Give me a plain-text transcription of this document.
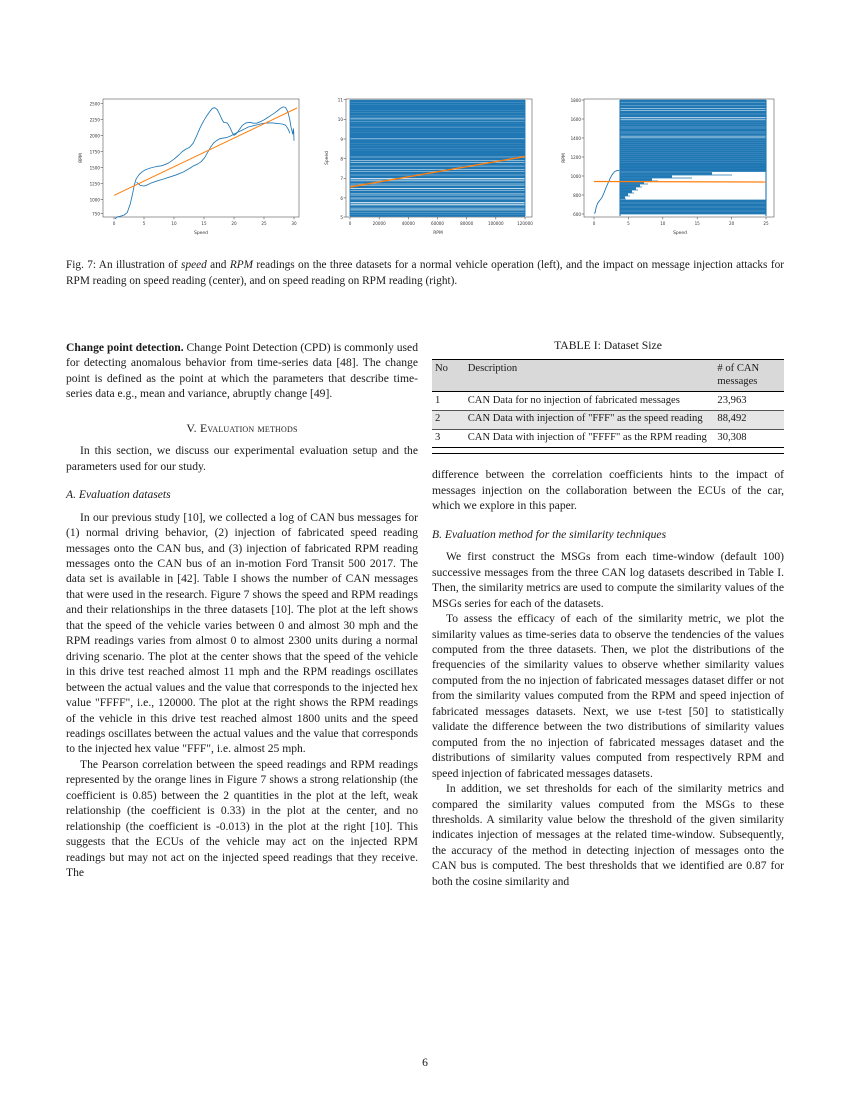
2500
2250
2000
1750
1500
1250
1000
750
0	5	10	15	20	25	30
Speed
RPM
11
10
9
8
7
6
5
0	20000	40000	60000	80000	100000	120000
RPM
Speed
1800
1600
1400
1200
1000
800
600
0	5	10	15	20	25
Speed
RPM
Fig. 7: An illustration of speed and RPM readings on the three datasets for a normal vehicle operation (left), and the impact on message injection attacks for RPM reading on speed reading (center), and on speed reading on RPM reading (right).

Change point detection. Change Point Detection (CPD) is commonly used for detecting anomalous behavior from time-series data [48]. The change point is defined as the point at which the parameters that describe time-series data e.g., mean and variance, abruptly change [49].

V. Evaluation methods

In this section, we discuss our experimental evaluation setup and the parameters used for our study.

A. Evaluation datasets

In our previous study [10], we collected a log of CAN bus messages for (1) normal driving behavior, (2) injection of fabricated speed reading messages onto the CAN bus, and (3) injection of fabricated RPM reading messages onto the CAN bus of an in-motion Ford Transit 500 2017. The data set is available in [42]. Table I shows the number of CAN messages that were used in the research. Figure 7 shows the speed and RPM readings and their relationships in the three datasets [10]. The plot at the left shows that the speed of the vehicle varies between 0 and almost 30 mph and the RPM readings varies from almost 0 to almost 2300 units during a normal driving scenario. The plot at the center shows that the speed of the vehicle in this drive test reached almost 11 mph and the RPM readings oscillates between the actual values and the value that corresponds to the injected hex value "FFFF", i.e., 120000. The plot at the right shows the RPM readings of the vehicle in this drive test reached almost 1800 units and the speed readings oscillates between the actual values and the value that corresponds to the injected hex value "FFF", i.e. almost 25 mph.

The Pearson correlation between the speed readings and RPM readings represented by the orange lines in Figure 7 shows a strong relationship (the coefficient is 0.85) between the 2 quantities in the plot at the left, weak relationship (the coefficient is 0.33) in the plot at the center, and no relationship (the coefficient is -0.013) in the plot at the right [10]. This suggests that the ECUs of the vehicle may act on the injected RPM readings but may not act on the injected speed readings that they receive. The

TABLE I: Dataset Size

No	Description	# of CAN messages
1	CAN Data for no injection of fabricated messages	23,963
2	CAN Data with injection of "FFF" as the speed reading	88,492
3	CAN Data with injection of "FFFF" as the RPM reading	30,308

difference between the correlation coefficients hints to the impact of messages injection on the collaboration between the ECUs of the car, which we explore in this paper.

B. Evaluation method for the similarity techniques

We first construct the MSGs from each time-window (default 100) successive messages from the three CAN log datasets described in Table I. Then, the similarity metrics are used to compute the similarity values of the MSGs series for each of the datasets.

To assess the efficacy of each of the similarity metric, we plot the similarity values as time-series data to observe the tendencies of the values computed from the three datasets. Then, we plot the distributions of the frequencies of the similarity values to observe whether similarity values computed from the no injection of fabricated messages dataset differ or not from the similarity values computed from the RPM and speed injection of fabricated messages datasets. Next, we use t-test [50] to statistically validate the difference between the two distributions of similarity values computed from the no injection of fabricated messages dataset and the distributions of similarity values computed from respectively RPM and speed injection of fabricated messages datasets.

In addition, we set thresholds for each of the similarity metrics and compared the similarity values computed from the MSGs to these thresholds. A similarity value below the threshold of the given similarity indicates injection of messages at the related time-window. Subsequently, the accuracy of the method in detecting injection of messages onto the CAN bus is computed. The best thresholds that we identified are 0.87 for both the cosine similarity and

6
